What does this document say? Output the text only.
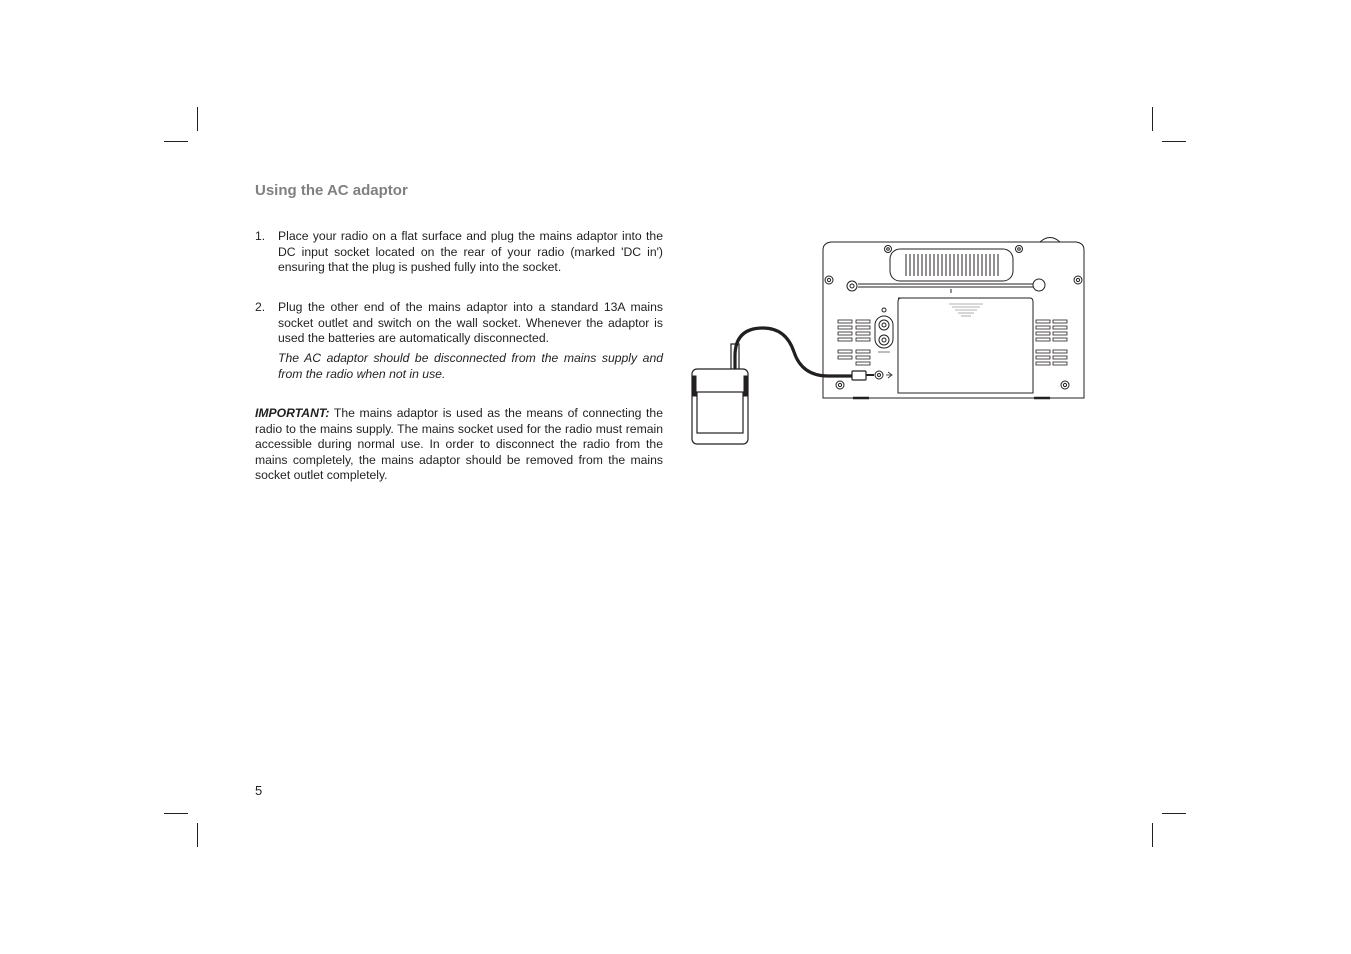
Using the AC adaptor
1.	Place your radio on a flat surface and plug the mains adaptor into the DC input socket located on the rear of your radio (marked 'DC in') ensuring that the plug is pushed fully into the socket.

2.	Plug the other end of the mains adaptor into a standard 13A mains socket outlet and switch on the wall socket. Whenever the adaptor is used the batteries are automatically disconnected.

The AC adaptor should be disconnected from the mains supply and from the radio when not in use.

IMPORTANT: The mains adaptor is used as the means of connecting the radio to the mains supply. The mains socket used for the radio must remain accessible during normal use. In order to disconnect the radio from the mains completely, the mains adaptor should be removed from the mains socket outlet completely.

5
